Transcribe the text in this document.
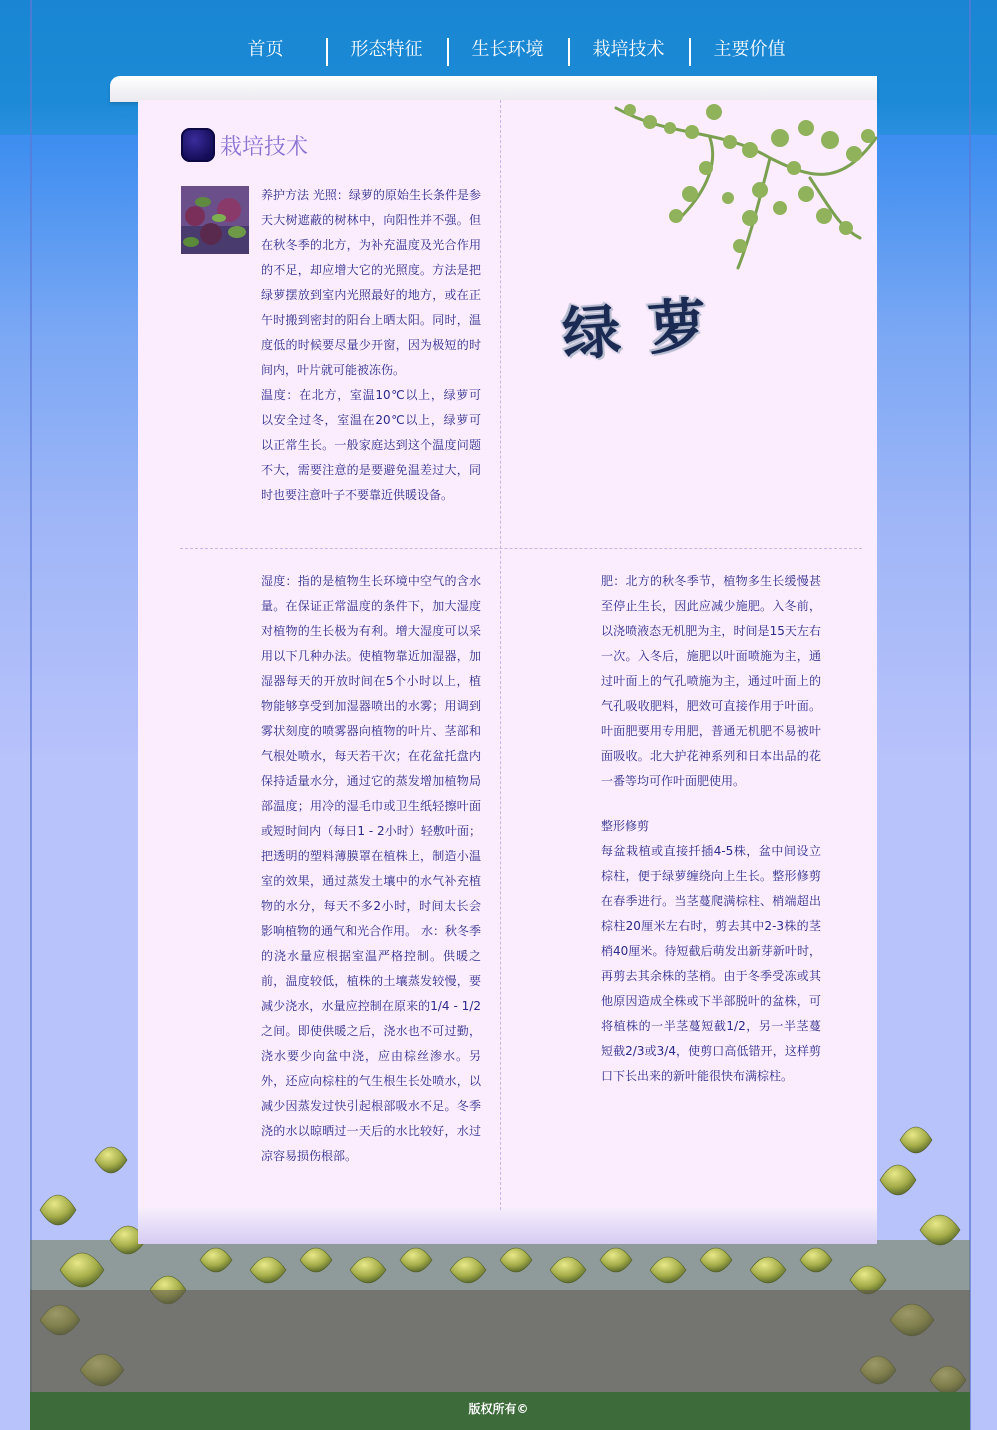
首页	形态特征	生长环境	栽培技术	主要价值
版权所有©
栽培技术

养护方法 光照：绿萝的原始生长条件是参天大树遮蔽的树林中，向阳性并不强。但在秋冬季的北方，为补充温度及光合作用的不足，却应增大它的光照度。方法是把绿萝摆放到室内光照最好的地方，或在正午时搬到密封的阳台上晒太阳。同时，温度低的时候要尽量少开窗，因为极短的时间内，叶片就可能被冻伤。

温度：在北方，室温10℃以上，绿萝可以安全过冬，室温在20℃以上，绿萝可以正常生长。一般家庭达到这个温度问题不大，需要注意的是要避免温差过大，同时也要注意叶子不要靠近供暖设备。

绿萝

湿度：指的是植物生长环境中空气的含水量。在保证正常温度的条件下，加大湿度对植物的生长极为有利。增大湿度可以采用以下几种办法。使植物靠近加湿器，加湿器每天的开放时间在5个小时以上，植物能够享受到加湿器喷出的水雾；用调到雾状刻度的喷雾器向植物的叶片、茎部和气根处喷水，每天若干次；在花盆托盘内保持适量水分，通过它的蒸发增加植物局部温度；用冷的湿毛巾或卫生纸轻擦叶面或短时间内（每日1 - 2小时）轻敷叶面；把透明的塑料薄膜罩在植株上，制造小温室的效果，通过蒸发土壤中的水气补充植物的水分，每天不多2小时，时间太长会影响植物的通气和光合作用。 水：秋冬季的浇水量应根据室温严格控制。供暖之前，温度较低，植株的土壤蒸发较慢，要减少浇水，水量应控制在原来的1/4 - 1/2之间。即使供暖之后，浇水也不可过勤，浇水要少向盆中浇，应由棕丝渗水。另外，还应向棕柱的气生根生长处喷水，以减少因蒸发过快引起根部吸水不足。冬季浇的水以晾晒过一天后的水比较好，水过凉容易损伤根部。

肥：北方的秋冬季节，植物多生长缓慢甚至停止生长，因此应减少施肥。入冬前，以浇喷液态无机肥为主，时间是15天左右一次。入冬后，施肥以叶面喷施为主，通过叶面上的气孔喷施为主，通过叶面上的气孔吸收肥料，肥效可直接作用于叶面。叶面肥要用专用肥，普通无机肥不易被叶面吸收。北大护花神系列和日本出品的花一番等均可作叶面肥使用。

整形修剪

每盆栽植或直接扦插4-5株，盆中间设立棕柱，便于绿萝缠绕向上生长。整形修剪在春季进行。当茎蔓爬满棕柱、梢端超出棕柱20厘米左右时，剪去其中2-3株的茎梢40厘米。待短截后萌发出新芽新叶时，再剪去其余株的茎梢。由于冬季受冻或其他原因造成全株或下半部脱叶的盆株，可将植株的一半茎蔓短截1/2，另一半茎蔓短截2/3或3/4，使剪口高低错开，这样剪口下长出来的新叶能很快布满棕柱。
